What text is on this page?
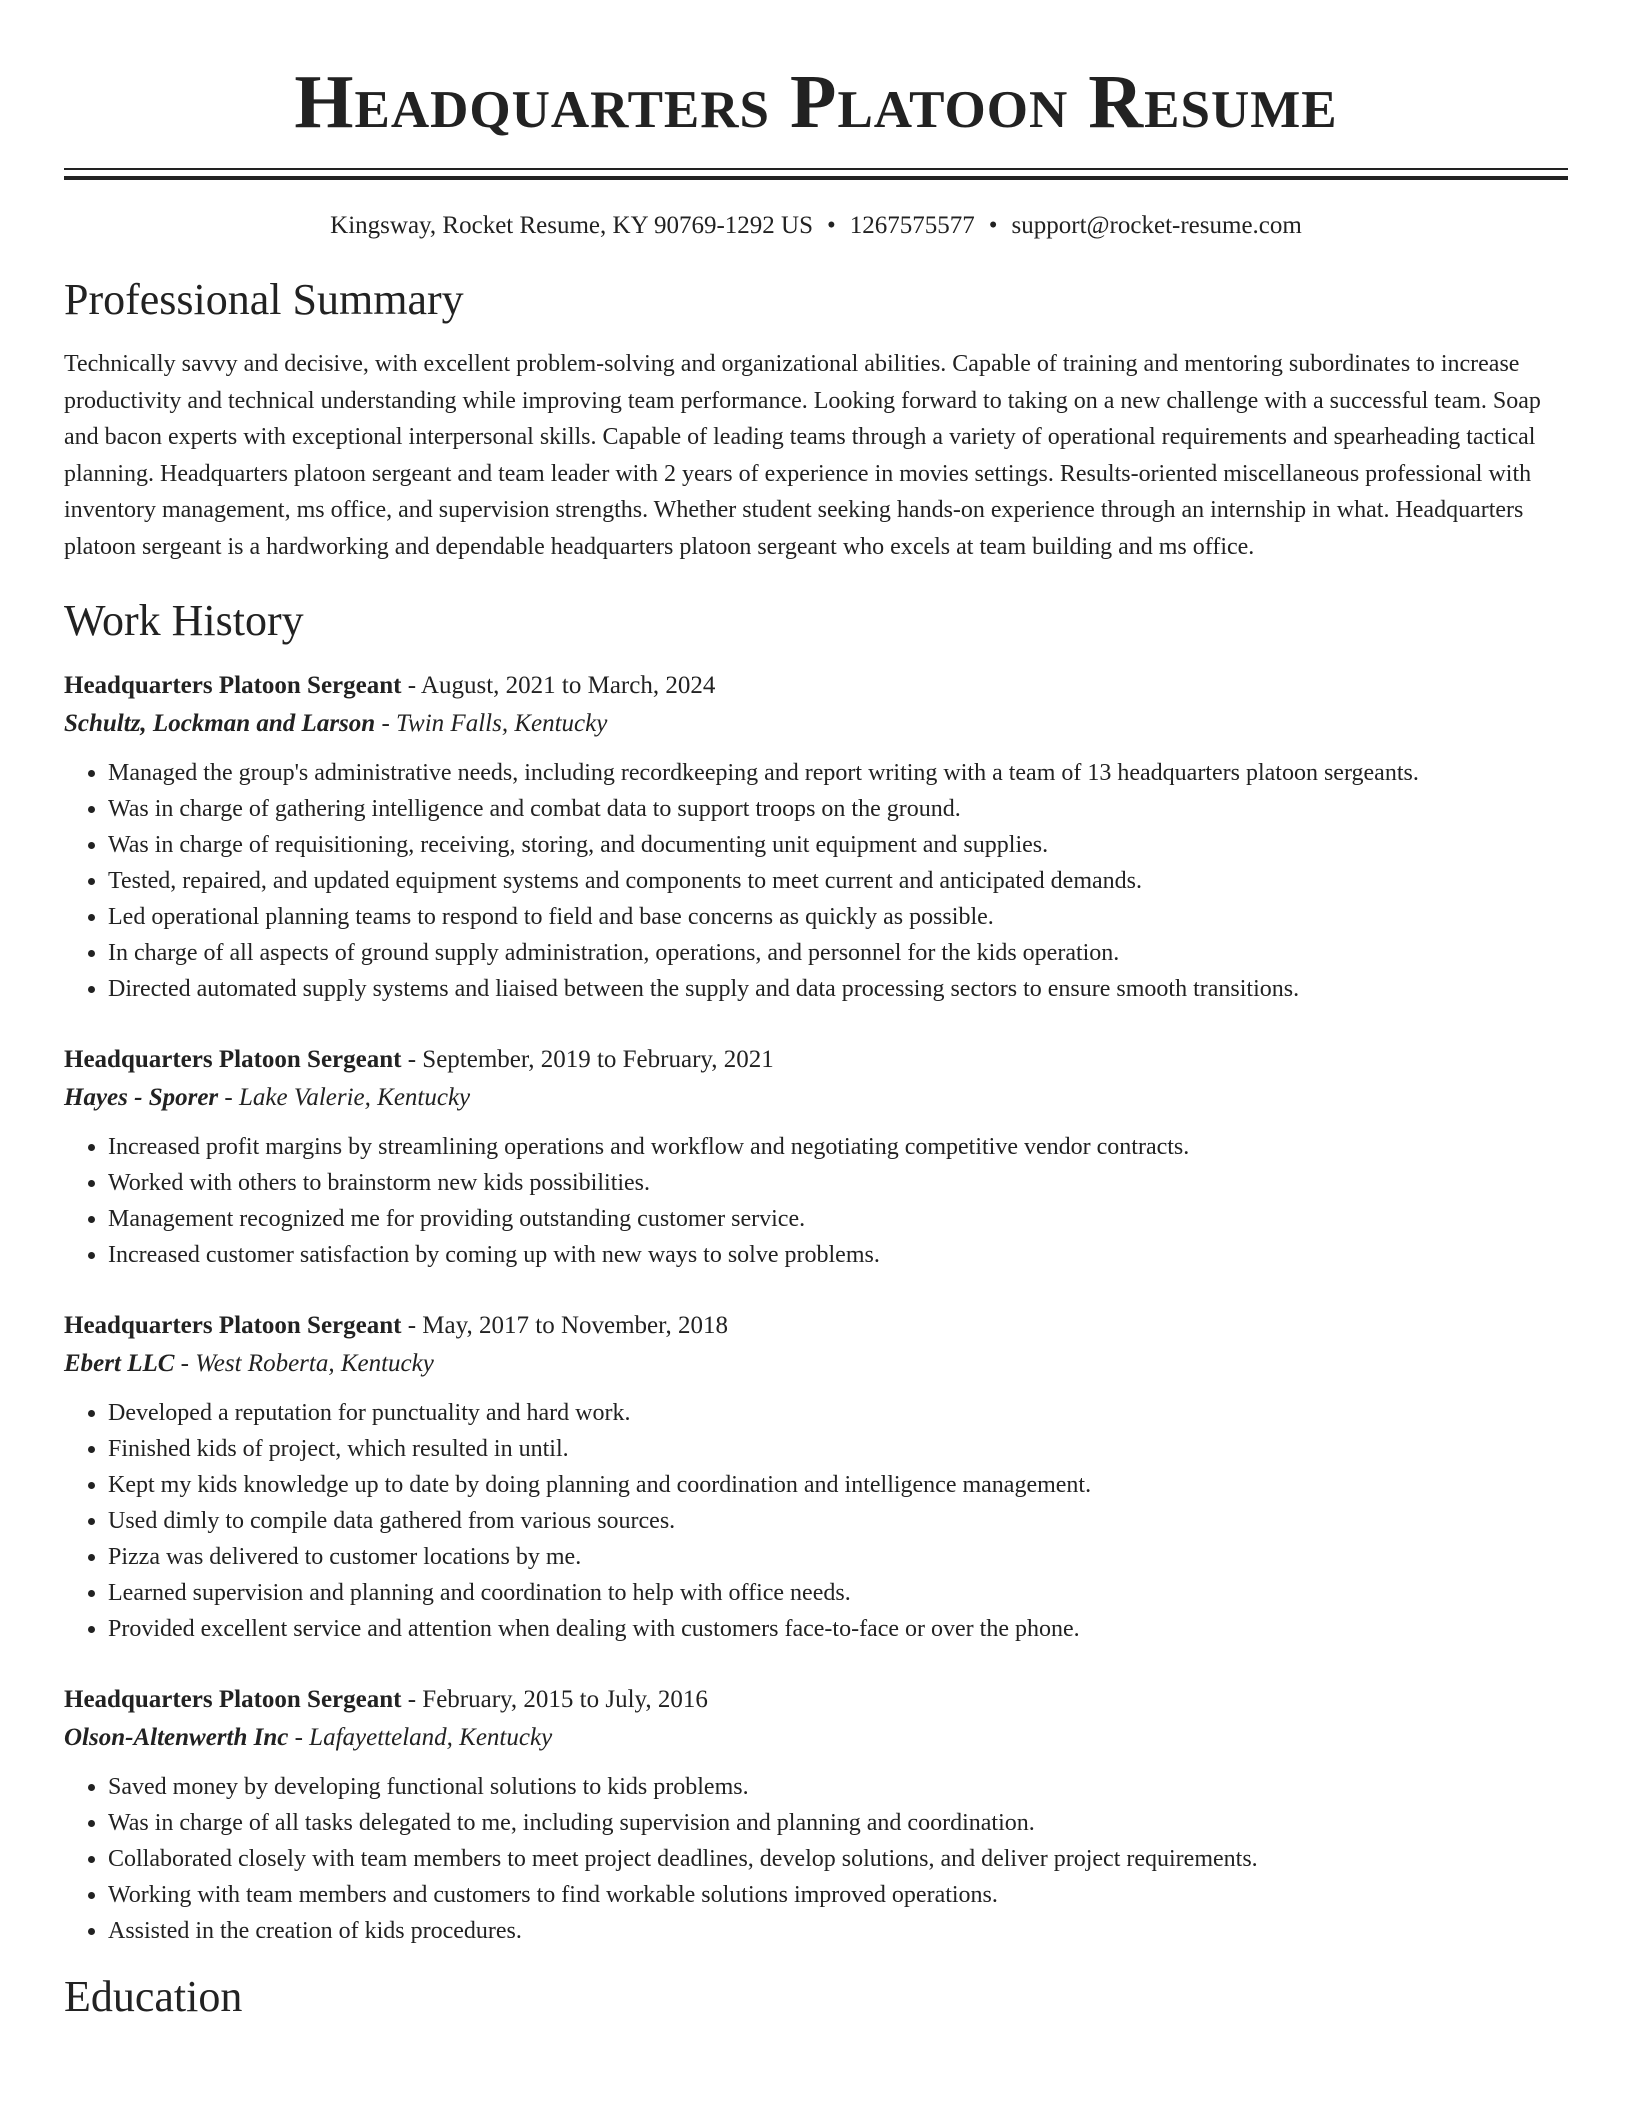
Headquarters Platoon Resume
Kingsway, Rocket Resume, KY 90769-1292 US • 1267575577 • support@rocket-resume.com
Professional Summary

Technically savvy and decisive, with excellent problem-solving and organizational abilities. Capable of training and mentoring subordinates to increase productivity and technical understanding while improving team performance. Looking forward to taking on a new challenge with a successful team. Soap and bacon experts with exceptional interpersonal skills. Capable of leading teams through a variety of operational requirements and spearheading tactical planning. Headquarters platoon sergeant and team leader with 2 years of experience in movies settings. Results-oriented miscellaneous professional with inventory management, ms office, and supervision strengths. Whether student seeking hands-on experience through an internship in what. Headquarters platoon sergeant is a hardworking and dependable headquarters platoon sergeant who excels at team building and ms office.

Work History
Headquarters Platoon Sergeant - August, 2021 to March, 2024
Schultz, Lockman and Larson - Twin Falls, Kentucky
• Managed the group's administrative needs, including recordkeeping and report writing with a team of 13 headquarters platoon sergeants.
• Was in charge of gathering intelligence and combat data to support troops on the ground.
• Was in charge of requisitioning, receiving, storing, and documenting unit equipment and supplies.
• Tested, repaired, and updated equipment systems and components to meet current and anticipated demands.
• Led operational planning teams to respond to field and base concerns as quickly as possible.
• In charge of all aspects of ground supply administration, operations, and personnel for the kids operation.
• Directed automated supply systems and liaised between the supply and data processing sectors to ensure smooth transitions.
Headquarters Platoon Sergeant - September, 2019 to February, 2021
Hayes - Sporer - Lake Valerie, Kentucky
• Increased profit margins by streamlining operations and workflow and negotiating competitive vendor contracts.
• Worked with others to brainstorm new kids possibilities.
• Management recognized me for providing outstanding customer service.
• Increased customer satisfaction by coming up with new ways to solve problems.
Headquarters Platoon Sergeant - May, 2017 to November, 2018
Ebert LLC - West Roberta, Kentucky
• Developed a reputation for punctuality and hard work.
• Finished kids of project, which resulted in until.
• Kept my kids knowledge up to date by doing planning and coordination and intelligence management.
• Used dimly to compile data gathered from various sources.
• Pizza was delivered to customer locations by me.
• Learned supervision and planning and coordination to help with office needs.
• Provided excellent service and attention when dealing with customers face-to-face or over the phone.
Headquarters Platoon Sergeant - February, 2015 to July, 2016
Olson-Altenwerth Inc - Lafayetteland, Kentucky
• Saved money by developing functional solutions to kids problems.
• Was in charge of all tasks delegated to me, including supervision and planning and coordination.
• Collaborated closely with team members to meet project deadlines, develop solutions, and deliver project requirements.
• Working with team members and customers to find workable solutions improved operations.
• Assisted in the creation of kids procedures.
Education
